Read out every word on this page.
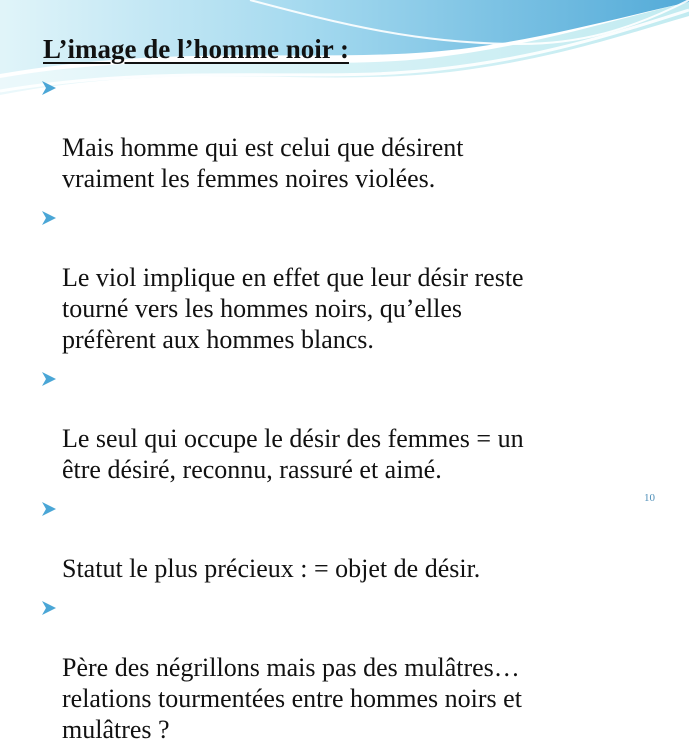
L’image de l’homme noir :

Mais homme qui est celui que désirent
vraiment les femmes noires violées.

Le viol implique en effet que leur désir reste
tourné vers les hommes noirs, qu’elles
préfèrent aux hommes blancs.

Le seul qui occupe le désir des femmes = un
être désiré, reconnu, rassuré et aimé.

Statut le plus précieux : = objet de désir.

Père des négrillons mais pas des mulâtres…
relations tourmentées entre hommes noirs et
mulâtres ?

10
